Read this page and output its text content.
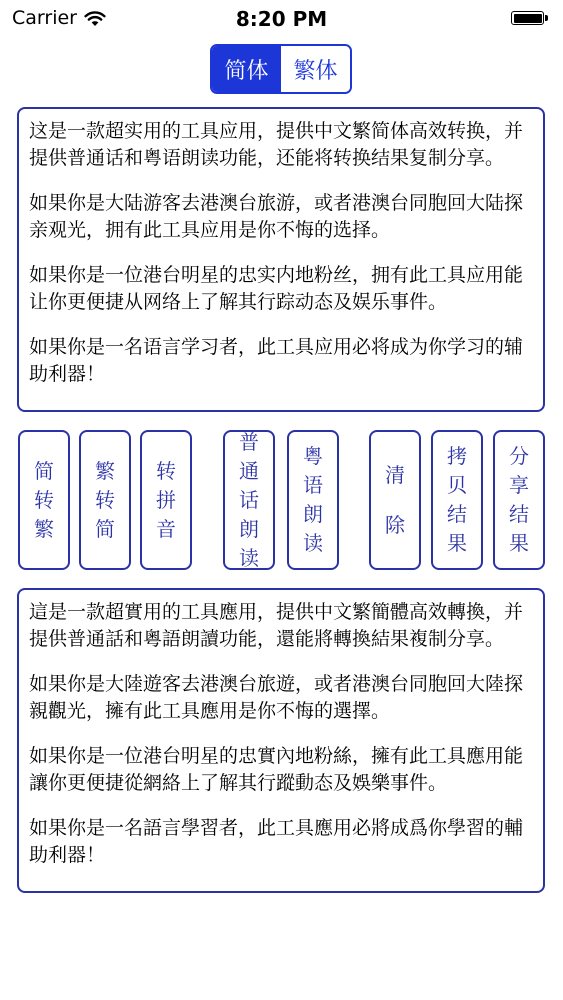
Carrier	8:20 PM
简体	繁体

这是一款超实用的工具应用，提供中文繁简体高效转换，并提供普通话和粤语朗读功能，还能将转换结果复制分享。

如果你是大陆游客去港澳台旅游，或者港澳台同胞回大陆探亲观光，拥有此工具应用是你不悔的选择。

如果你是一位港台明星的忠实内地粉丝，拥有此工具应用能让你更便捷从网络上了解其行踪动态及娱乐事件。

如果你是一名语言学习者，此工具应用必将成为你学习的辅助利器！

简转繁
繁转简
转拼音
普通话朗读
粤语朗读
清除
拷贝结果
分享结果

這是一款超實用的工具應用，提供中文繁簡體高效轉換，并提供普通話和粵語朗讀功能，還能將轉換結果複制分享。

如果你是大陸遊客去港澳台旅遊，或者港澳台同胞回大陸探親觀光，擁有此工具應用是你不悔的選擇。

如果你是一位港台明星的忠實內地粉絲，擁有此工具應用能讓你更便捷從網絡上了解其行蹤動态及娛樂事件。

如果你是一名語言學習者，此工具應用必將成爲你學習的輔助利器！
